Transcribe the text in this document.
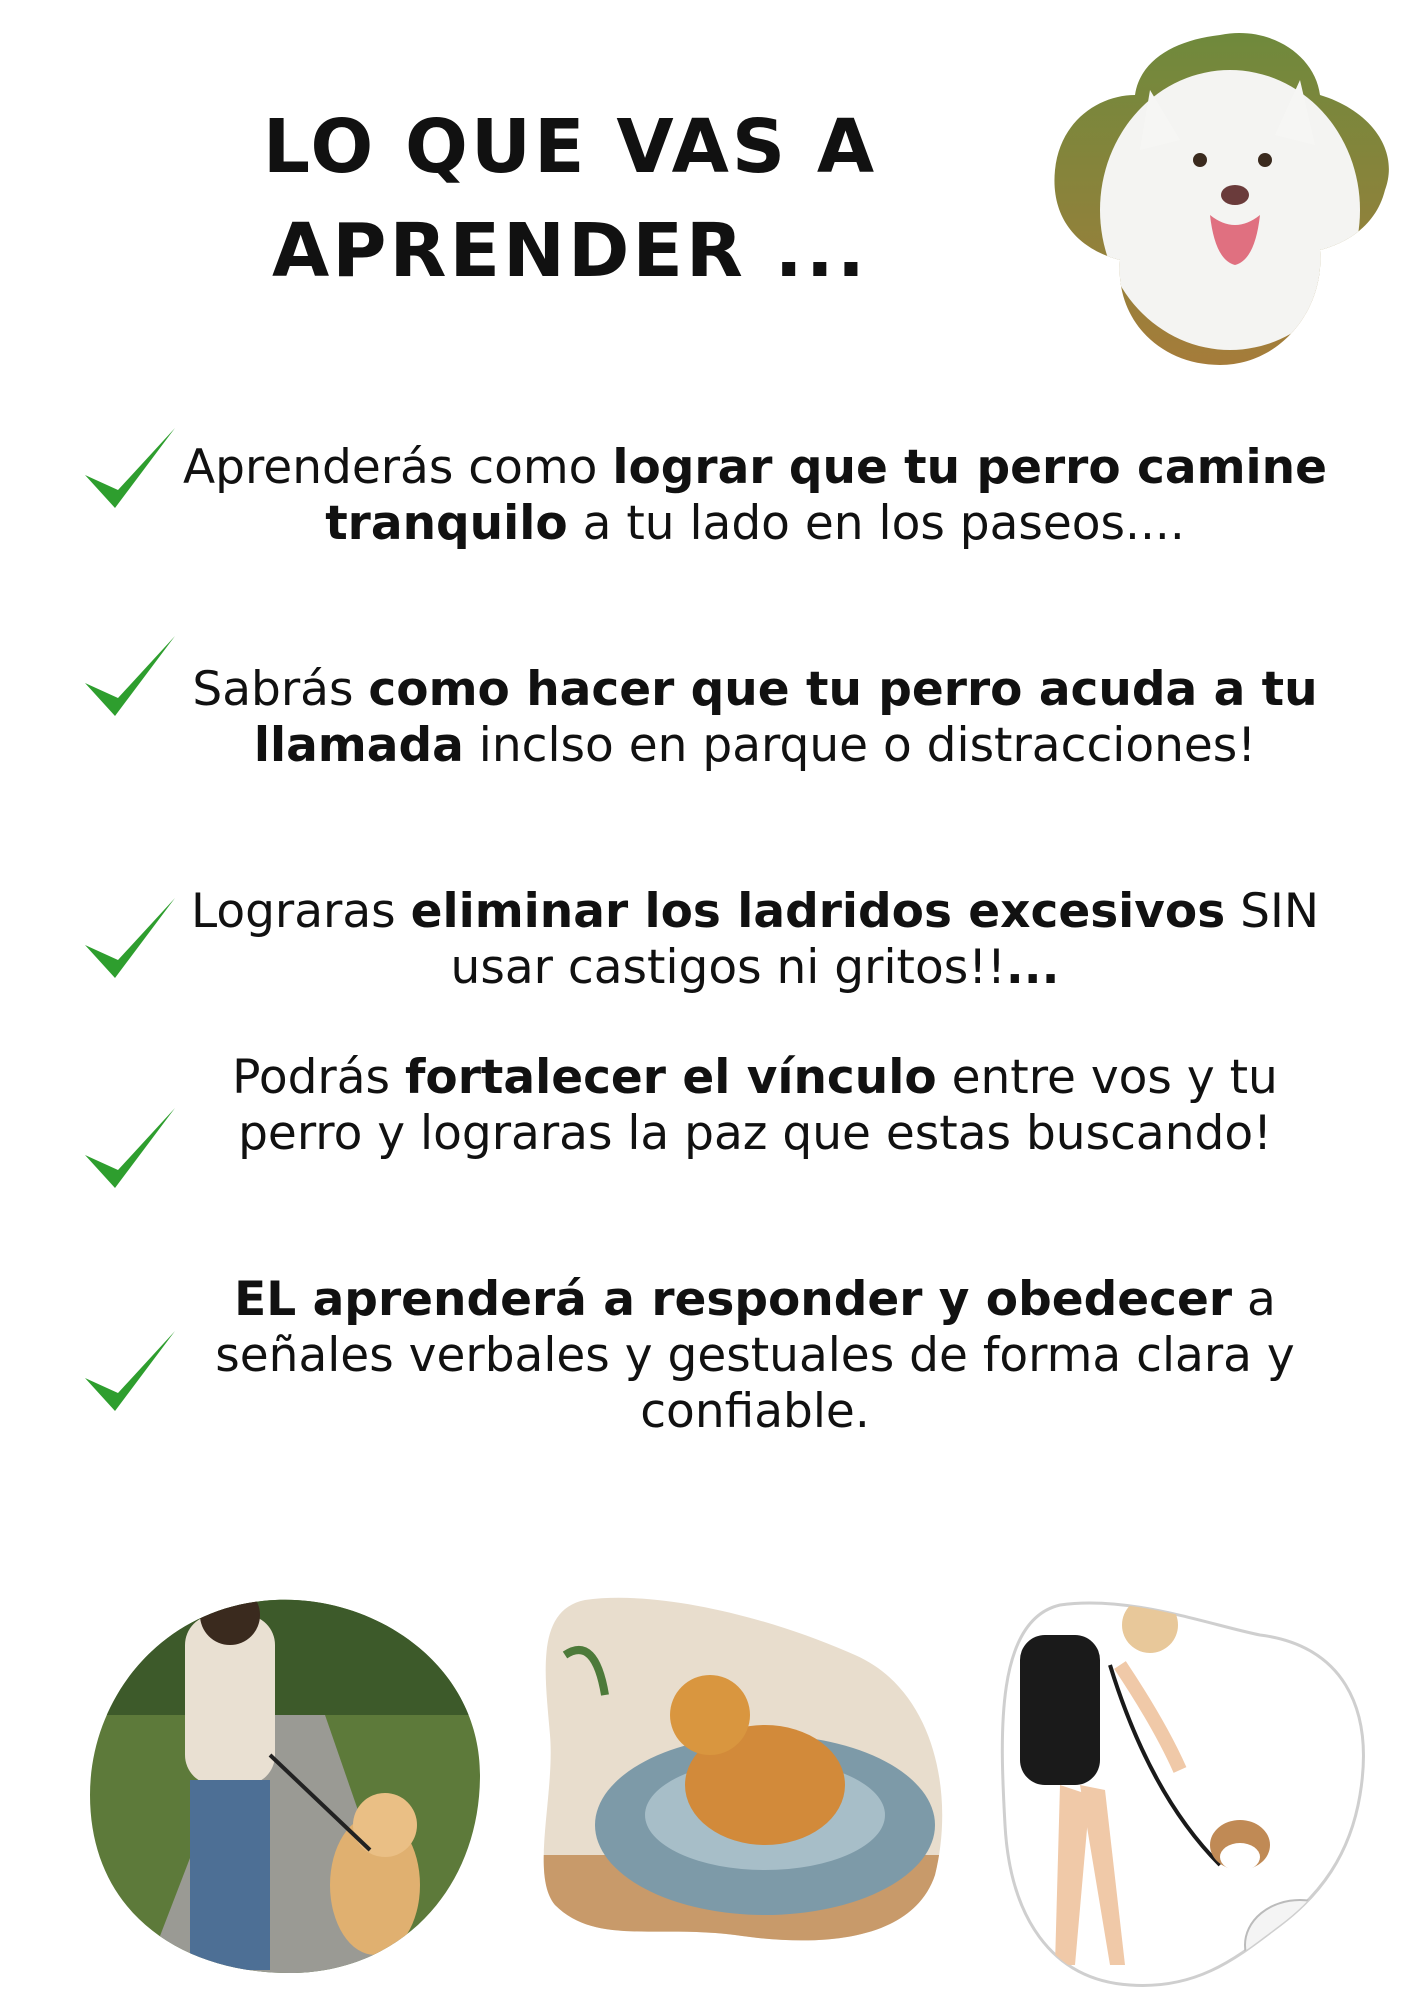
LO QUE VAS A
APRENDER ...

Aprenderás como lograr que tu perro camine tranquilo a tu lado en los paseos....

Sabrás como hacer que tu perro acuda a tu llamada inclso en parque o distracciones!

Lograras eliminar los ladridos excesivos SIN usar castigos ni gritos!!...

Podrás fortalecer el vínculo entre vos y tu perro y lograras la paz que estas buscando!

EL aprenderá a responder y obedecer a señales verbales y gestuales de forma clara y confiable.
